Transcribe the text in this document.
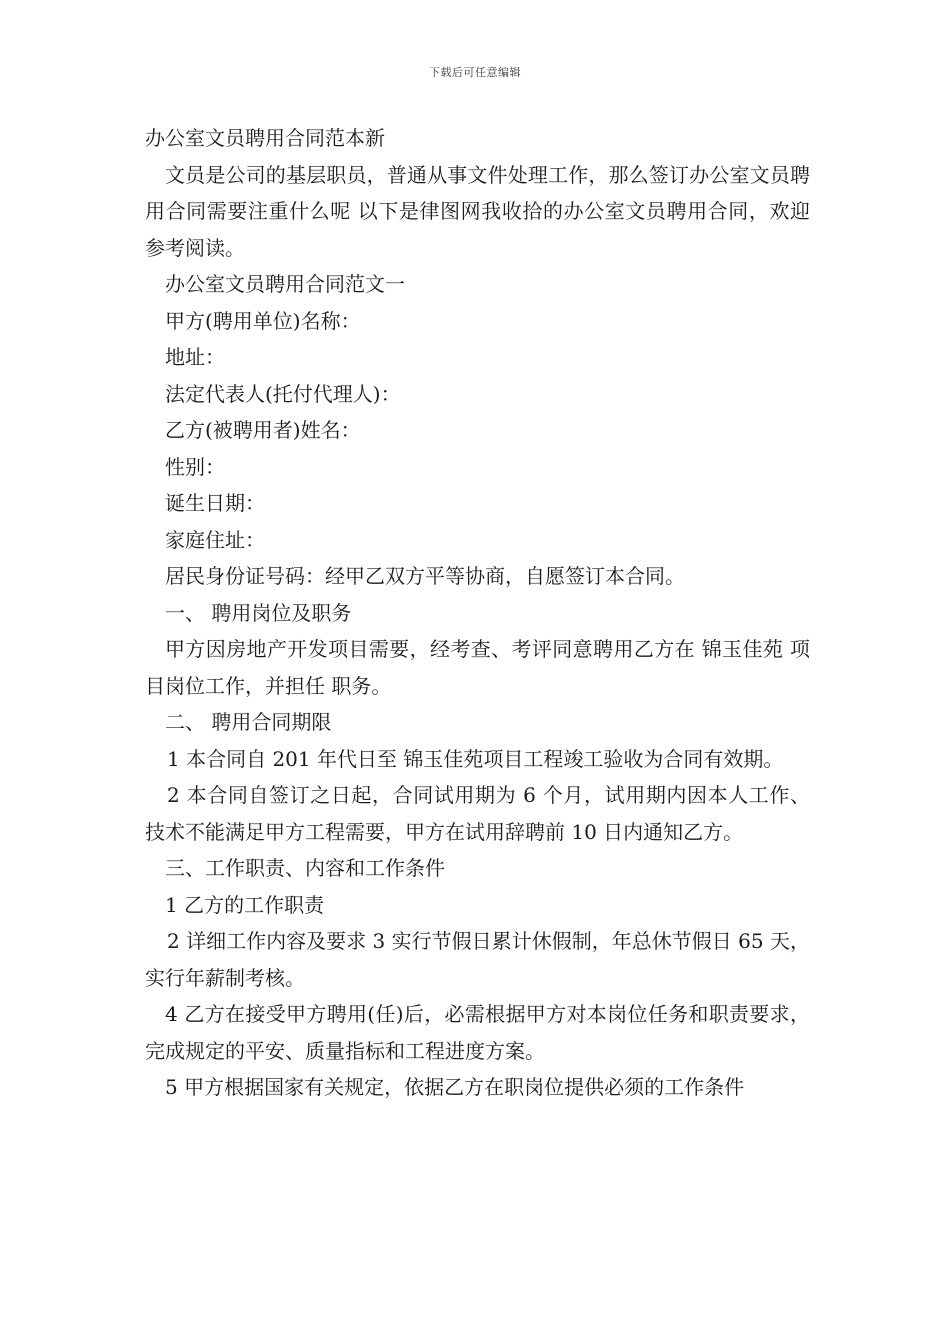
下载后可任意编辑

办公室文员聘用合同范本新

文员是公司的基层职员，普通从事文件处理工作，那么签订办公室文员聘用合同需要注重什么呢 以下是律图网我收拾的办公室文员聘用合同，欢迎参考阅读。

办公室文员聘用合同范文一

甲方(聘用单位)名称：

地址：

法定代表人(托付代理人)：

乙方(被聘用者)姓名：

性别：

诞生日期：

家庭住址：

居民身份证号码：经甲乙双方平等协商，自愿签订本合同。

一、 聘用岗位及职务

甲方因房地产开发项目需要，经考查、考评同意聘用乙方在 锦玉佳苑 项目岗位工作，并担任 职务。

二、 聘用合同期限

1 本合同自 201 年代日至 锦玉佳苑项目工程竣工验收为合同有效期。

2 本合同自签订之日起，合同试用期为 6 个月，试用期内因本人工作、技术不能满足甲方工程需要，甲方在试用辞聘前 10 日内通知乙方。

三、工作职责、内容和工作条件

1 乙方的工作职责

2 详细工作内容及要求 3 实行节假日累计休假制，年总休节假日 65 天，实行年薪制考核。

4 乙方在接受甲方聘用(任)后，必需根据甲方对本岗位任务和职责要求，完成规定的平安、质量指标和工程进度方案。

5 甲方根据国家有关规定，依据乙方在职岗位提供必须的工作条件
